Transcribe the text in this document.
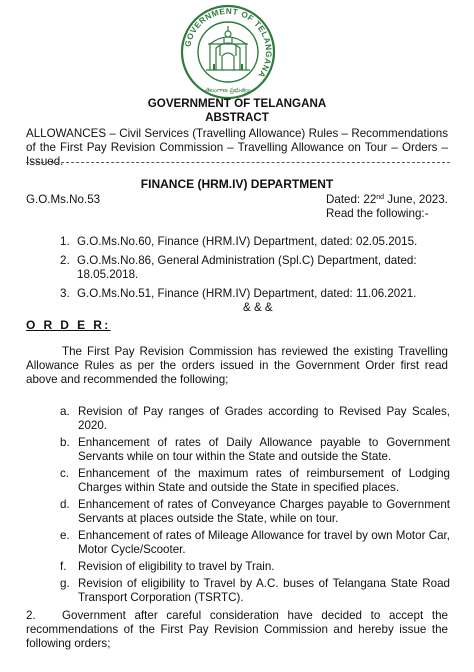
GOVERNMENT OF TELANGANA
తెలంగాణ ప్రభుత్వం
GOVERNMENT OF TELANGANA
ABSTRACT
ALLOWANCES – Civil Services (Travelling Allowance) Rules – Recommendations of the First Pay Revision Commission – Travelling Allowance on Tour – Orders – Issued.
FINANCE (HRM.IV) DEPARTMENT
G.O.Ms.No.53	Dated: 22nd June, 2023.
Read the following:-
1. G.O.Ms.No.60, Finance (HRM.IV) Department, dated: 02.05.2015.
2. G.O.Ms.No.86, General Administration (Spl.C) Department, dated: 18.05.2018.
3. G.O.Ms.No.51, Finance (HRM.IV) Department, dated: 11.06.2021.
& & &
O R D E R:
The First Pay Revision Commission has reviewed the existing Travelling Allowance Rules as per the orders issued in the Government Order first read above and recommended the following;
a. Revision of Pay ranges of Grades according to Revised Pay Scales, 2020.
b. Enhancement of rates of Daily Allowance payable to Government Servants while on tour within the State and outside the State.
c. Enhancement of the maximum rates of reimbursement of Lodging Charges within State and outside the State in specified places.
d. Enhancement of rates of Conveyance Charges payable to Government Servants at places outside the State, while on tour.
e. Enhancement of rates of Mileage Allowance for travel by own Motor Car, Motor Cycle/Scooter.
f. Revision of eligibility to travel by Train.
g. Revision of eligibility to Travel by A.C. buses of Telangana State Road Transport Corporation (TSRTC).
2. Government after careful consideration have decided to accept the recommendations of the First Pay Revision Commission and hereby issue the following orders;
